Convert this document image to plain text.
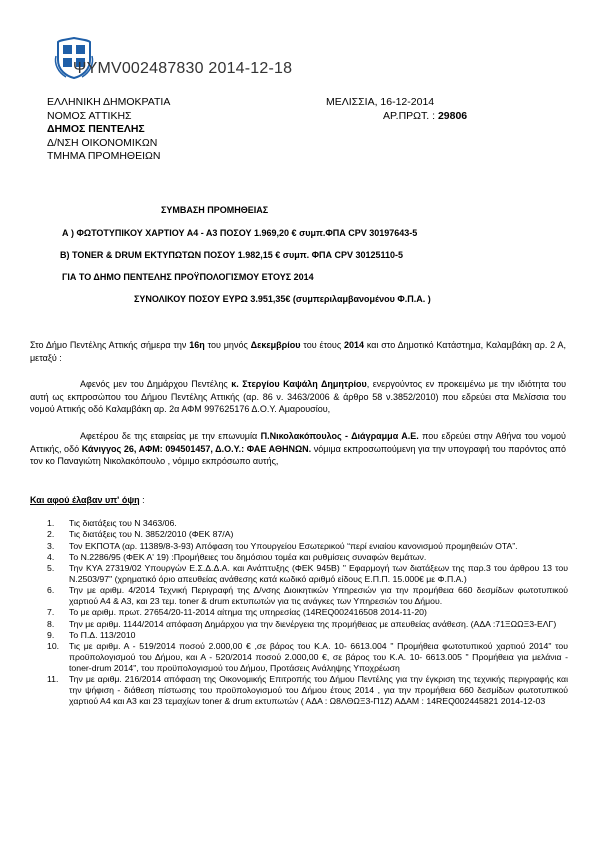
ΨΥΜV002487830 2014-12-18
ΕΛΛΗΝΙΚΗ ΔΗΜΟΚΡΑΤΙΑ
ΝΟΜΟΣ ΑΤΤΙΚΗΣ
ΔΗΜΟΣ ΠΕΝΤΕΛΗΣ
Δ/ΝΣΗ ΟΙΚΟΝΟΜΙΚΩΝ
ΤΜΗΜΑ ΠΡΟΜΗΘΕΙΩΝ
ΜΕΛΙΣΣΙΑ, 16-12-2014
ΑΡ.ΠΡΩΤ. : 29806
ΣΥΜΒΑΣΗ ΠΡΟΜΗΘΕΙΑΣ
Α ) ΦΩΤΟΤΥΠΙΚΟΥ ΧΑΡΤΙΟΥ Α4 - Α3 ΠΟΣΟΥ 1.969,20 € συμπ.ΦΠΑ CPV 30197643-5
Β) TONER & DRUM ΕΚΤΥΠΩΤΩΝ ΠΟΣΟΥ 1.982,15 € συμπ. ΦΠΑ CPV 30125110-5
ΓΙΑ ΤΟ ΔΗΜΟ ΠΕΝΤΕΛΗΣ ΠΡΟΫΠΟΛΟΓΙΣΜΟΥ ΕΤΟΥΣ 2014
ΣΥΝΟΛΙΚΟΥ ΠΟΣΟΥ ΕΥΡΩ 3.951,35€ (συμπεριλαμβανομένου Φ.Π.Α. )
Στο Δήμο Πεντέλης Αττικής σήμερα την 16η του μηνός Δεκεμβρίου του έτους 2014 και στο Δημοτικό Κατάστημα, Καλαμβάκη αρ. 2 Α, μεταξύ :
Αφενός μεν του Δημάρχου Πεντέλης κ. Στεργίου Καψάλη Δημητρίου, ενεργούντος εν προκειμένω με την ιδιότητα του αυτή ως εκπροσώπου του Δήμου Πεντέλης Αττικής (αρ. 86 ν. 3463/2006 & άρθρο 58 ν.3852/2010) που εδρεύει στα Μελίσσια του νομού Αττικής οδό Καλαμβάκη αρ. 2α ΑΦΜ 997625176 Δ.Ο.Υ. Αμαρουσίου,
Αφετέρου δε της εταιρείας με την επωνυμία Π.Νικολακόπουλος - Διάγραμμα Α.Ε. που εδρεύει στην Αθήνα του νομού Αττικής, οδό Κάνιγγος 26, ΑΦΜ: 094501457, Δ.Ο.Υ.: ΦΑΕ ΑΘΗΝΩΝ. νόμιμα εκπροσωπούμενη για την υπογραφή του παρόντος από τον κο Παναγιώτη Νικολακόπουλο , νόμιμο εκπρόσωπο αυτής,
Και αφού έλαβαν υπ' όψη :
1.	Τις διατάξεις του Ν 3463/06.
2.	Τις διατάξεις του Ν. 3852/2010 (ΦΕΚ 87/Α)
3.	Τον ΕΚΠΟΤΑ (αρ. 11389/8-3-93) Απόφαση του Υπουργείου Εσωτερικού “περί ενιαίου κανονισμού προμηθειών ΟΤΑ”.
4.	Το Ν.2286/95 (ΦΕΚ Α' 19) :Προμήθειες του δημόσιου τομέα και ρυθμίσεις συναφών θεμάτων.
5.	Την ΚΥΑ 27319/02 Υπουργών Ε.Σ.Δ.Δ.Α. και Ανάπτυξης (ΦΕΚ 945Β) " Εφαρμογή των διατάξεων της παρ.3 του άρθρου 13 του Ν.2503/97" (χρηματικό όριο απευθείας ανάθεσης κατά κωδικό αριθμό είδους Ε.Π.Π. 15.000€ με Φ.Π.Α.)
6.	Την με αριθμ. 4/2014 Τεχνική Περιγραφή της Δ/νσης Διοικητικών Υπηρεσιών για την προμήθεια 660 δεσμίδων φωτοτυπικού χαρτιού Α4 & Α3, και 23 τεμ. toner & drum εκτυπωτών για τις ανάγκες των Υπηρεσιών του Δήμου.
7.	Το με αριθμ. πρωτ. 27654/20-11-2014 αίτημα της υπηρεσίας (14REQ002416508 2014-11-20)
8.	Την με αριθμ. 1144/2014 απόφαση Δημάρχου για την διενέργεια της προμήθειας με απευθείας ανάθεση. (ΑΔΑ :71ΞΩΩΞ3-ΕΛΓ)
9.	Το Π.Δ. 113/2010
10.	Τις με αριθμ. Α - 519/2014 ποσού 2.000,00 € ,σε βάρος του Κ.Α. 10- 6613.004 " Προμήθεια φωτοτυπικού χαρτιού 2014" του προϋπολογισμού του Δήμου, και Α - 520/2014 ποσού 2.000,00 €, σε βάρος του Κ.Α. 10- 6613.005 " Προμήθεια για μελάνια - toner-drum 2014", του προϋπολογισμού του Δήμου, Προτάσεις Ανάληψης Υποχρέωση
11.	Την με αριθμ. 216/2014 απόφαση της Οικονομικής Επιτροπής του Δήμου Πεντέλης για την έγκριση της τεχνικής περιγραφής και την ψήφιση - διάθεση πίστωσης του προϋπολογισμού του Δήμου έτους 2014 , για την προμήθεια 660 δεσμίδων φωτοτυπικού χαρτιού Α4 και Α3 και 23 τεμαχίων toner & drum εκτυπωτών ( ΑΔΑ : Ω8ΛΘΩΞ3-Π1Ζ) ΑΔΑΜ : 14REQ002445821 2014-12-03
